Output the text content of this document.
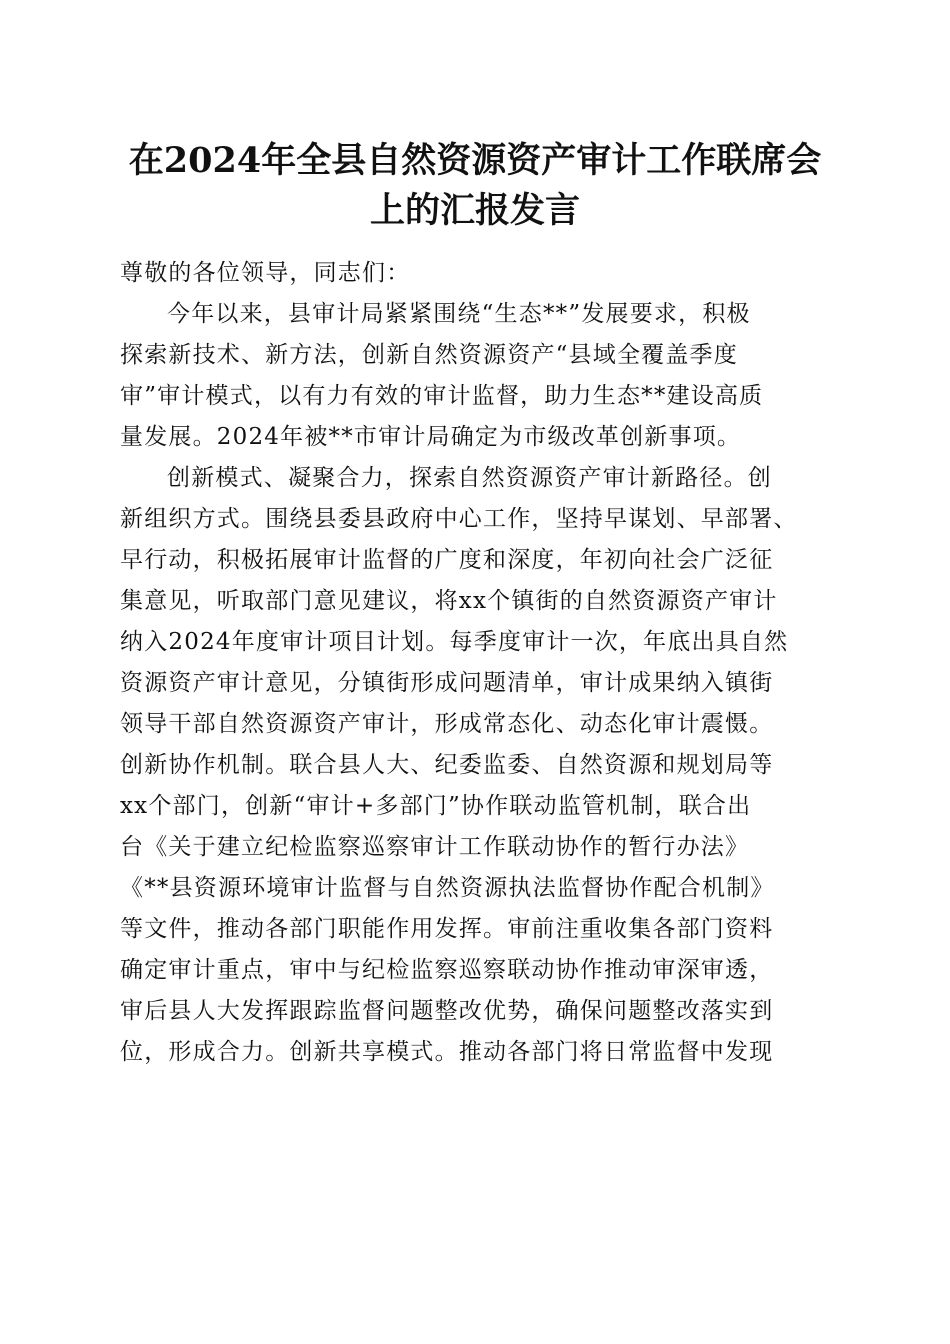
在2024年全县自然资源资产审计工作联席会
上的汇报发言
尊敬的各位领导，同志们：
今年以来，县审计局紧紧围绕“生态**”发展要求，积极
探索新技术、新方法，创新自然资源资产“县域全覆盖季度
审”审计模式，以有力有效的审计监督，助力生态**建设高质
量发展。2024年被**市审计局确定为市级改革创新事项。
创新模式、凝聚合力，探索自然资源资产审计新路径。创
新组织方式。围绕县委县政府中心工作，坚持早谋划、早部署、
早行动，积极拓展审计监督的广度和深度，年初向社会广泛征
集意见，听取部门意见建议，将xx个镇街的自然资源资产审计
纳入2024年度审计项目计划。每季度审计一次，年底出具自然
资源资产审计意见，分镇街形成问题清单，审计成果纳入镇街
领导干部自然资源资产审计，形成常态化、动态化审计震慑。
创新协作机制。联合县人大、纪委监委、自然资源和规划局等
xx个部门，创新“审计+多部门”协作联动监管机制，联合出
台《关于建立纪检监察巡察审计工作联动协作的暂行办法》
《**县资源环境审计监督与自然资源执法监督协作配合机制》
等文件，推动各部门职能作用发挥。审前注重收集各部门资料
确定审计重点，审中与纪检监察巡察联动协作推动审深审透，
审后县人大发挥跟踪监督问题整改优势，确保问题整改落实到
位，形成合力。创新共享模式。推动各部门将日常监督中发现
